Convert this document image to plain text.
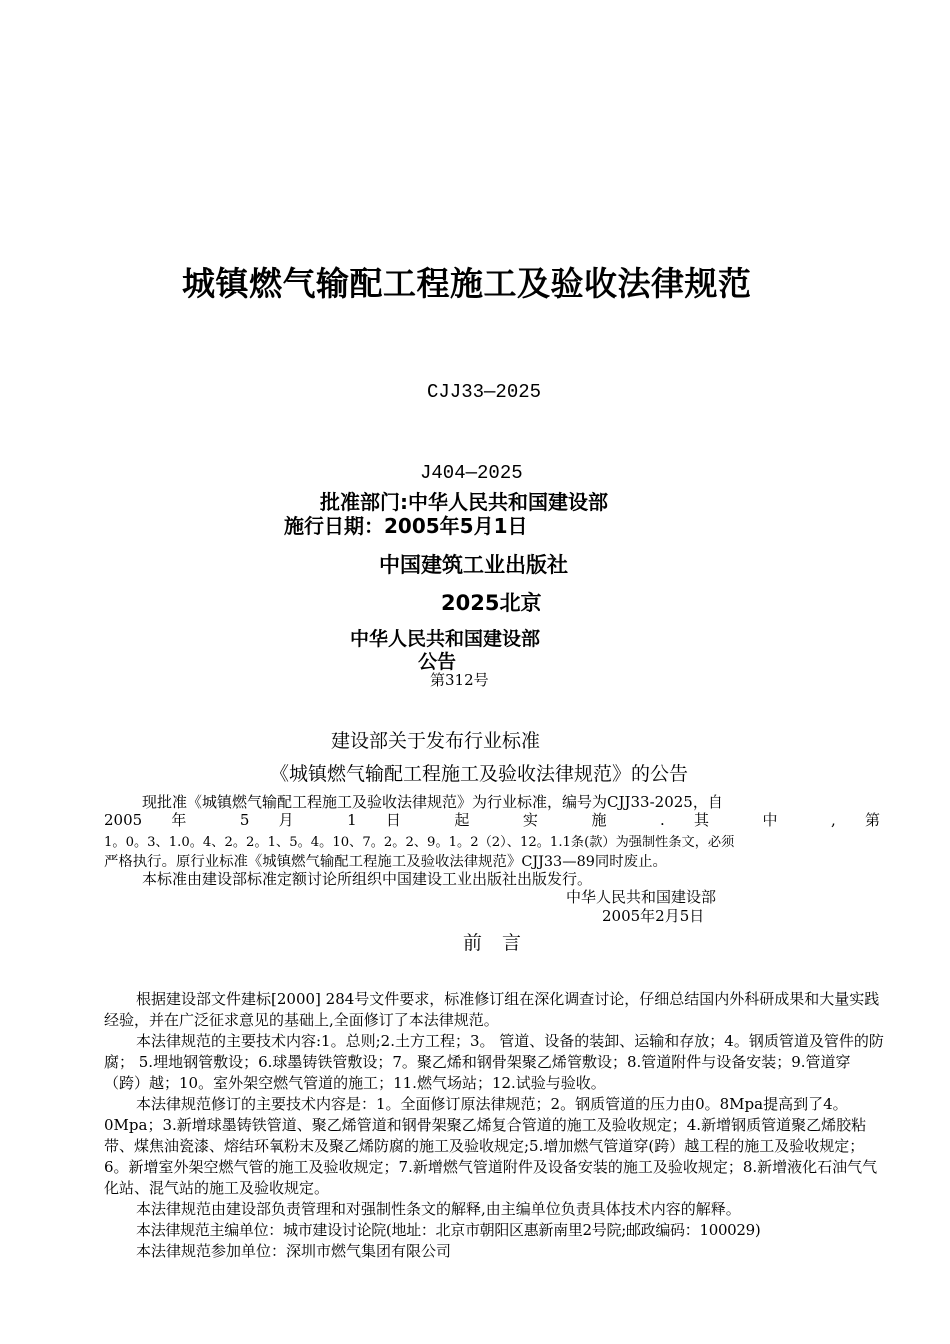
城镇燃气输配工程施工及验收法律规范
CJJ33—2025
J404—2025
批准部门:中华人民共和国建设部
施行日期：2005年5月1日
中国建筑工业出版社
2025北京
中华人民共和国建设部
公告
第312号
建设部关于发布行业标准
《城镇燃气输配工程施工及验收法律规范》的公告
现批准《城镇燃气输配工程施工及验收法律规范》为行业标准，编号为CJJ33-2025，自
2005 年 5 月 1 日 起 实 施 . 其 中 , 第
1。0。3、1.0。4、2。2。1、5。4。10、7。2。2、9。1。2（2）、12。1.1条(款）为强制性条文，必须
严格执行。原行业标准《城镇燃气输配工程施工及验收法律规范》CJJ33—89同时废止。
本标准由建设部标准定额讨论所组织中国建设工业出版社出版发行。
中华人民共和国建设部
2005年2月5日
前 言

根据建设部文件建标[2000] 284号文件要求，标准修订组在深化调查讨论，仔细总结国内外科研成果和大量实践经验，并在广泛征求意见的基础上,全面修订了本法律规范。

本法律规范的主要技术内容:1。总则;2.土方工程；3。 管道、设备的装卸、运输和存放；4。钢质管道及管件的防腐； 5.埋地钢管敷设；6.球墨铸铁管敷设；7。聚乙烯和钢骨架聚乙烯管敷设；8.管道附件与设备安装；9.管道穿（跨）越；10。室外架空燃气管道的施工；11.燃气场站；12.试验与验收。

本法律规范修订的主要技术内容是：1。全面修订原法律规范；2。钢质管道的压力由0。8Mpa提高到了4。0Mpa；3.新增球墨铸铁管道、聚乙烯管道和钢骨架聚乙烯复合管道的施工及验收规定；4.新增钢质管道聚乙烯胶粘带、煤焦油瓷漆、熔结环氧粉末及聚乙烯防腐的施工及验收规定;5.增加燃气管道穿(跨）越工程的施工及验收规定；6。新增室外架空燃气管的施工及验收规定；7.新增燃气管道附件及设备安装的施工及验收规定；8.新增液化石油气气化站、混气站的施工及验收规定。

本法律规范由建设部负责管理和对强制性条文的解释,由主编单位负责具体技术内容的解释。

本法律规范主编单位：城市建设讨论院(地址：北京市朝阳区惠新南里2号院;邮政编码：100029)

本法律规范参加单位：深圳市燃气集团有限公司
